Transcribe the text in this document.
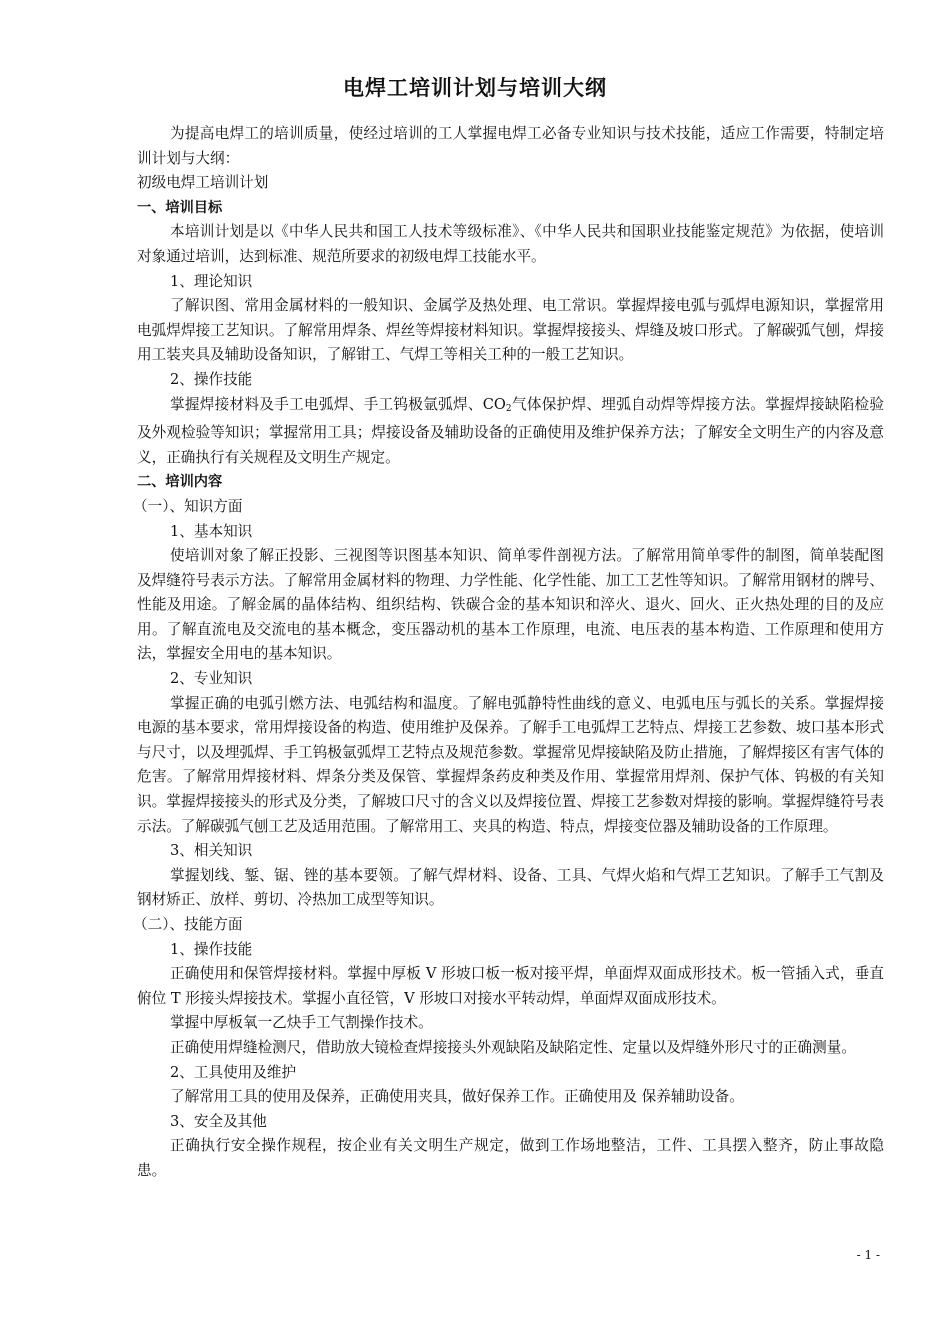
电焊工培训计划与培训大纲

为提高电焊工的培训质量，使经过培训的工人掌握电焊工必备专业知识与技术技能，适应工作需要，特制定培训计划与大纲：

初级电焊工培训计划

一、培训目标

本培训计划是以《中华人民共和国工人技术等级标准》、《中华人民共和国职业技能鉴定规范》为依据，使培训对象通过培训，达到标准、规范所要求的初级电焊工技能水平。

1、理论知识

了解识图、常用金属材料的一般知识、金属学及热处理、电工常识。掌握焊接电弧与弧焊电源知识，掌握常用电弧焊焊接工艺知识。了解常用焊条、焊丝等焊接材料知识。掌握焊接接头、焊缝及坡口形式。了解碳弧气刨，焊接用工装夹具及辅助设备知识，了解钳工、气焊工等相关工种的一般工艺知识。

2、操作技能

掌握焊接材料及手工电弧焊、手工钨极氩弧焊、$CO_2$气体保护焊、埋弧自动焊等焊接方法。掌握焊接缺陷检验及外观检验等知识；掌握常用工具；焊接设备及辅助设备的正确使用及维护保养方法；了解安全文明生产的内容及意义，正确执行有关规程及文明生产规定。

二、培训内容

（一）、知识方面

1、基本知识

使培训对象了解正投影、三视图等识图基本知识、简单零件剖视方法。了解常用简单零件的制图，简单装配图及焊缝符号表示方法。了解常用金属材料的物理、力学性能、化学性能、加工工艺性等知识。了解常用钢材的牌号、性能及用途。了解金属的晶体结构、组织结构、铁碳合金的基本知识和淬火、退火、回火、正火热处理的目的及应用。了解直流电及交流电的基本概念，变压器动机的基本工作原理，电流、电压表的基本构造、工作原理和使用方法，掌握安全用电的基本知识。

2、专业知识

掌握正确的电弧引燃方法、电弧结构和温度。了解电弧静特性曲线的意义、电弧电压与弧长的关系。掌握焊接电源的基本要求，常用焊接设备的构造、使用维护及保养。了解手工电弧焊工艺特点、焊接工艺参数、坡口基本形式与尺寸，以及埋弧焊、手工钨极氩弧焊工艺特点及规范参数。掌握常见焊接缺陷及防止措施，了解焊接区有害气体的危害。了解常用焊接材料、焊条分类及保管、掌握焊条药皮种类及作用、掌握常用焊剂、保护气体、钨极的有关知识。掌握焊接接头的形式及分类，了解坡口尺寸的含义以及焊接位置、焊接工艺参数对焊接的影响。掌握焊缝符号表示法。了解碳弧气刨工艺及适用范围。了解常用工、夹具的构造、特点，焊接变位器及辅助设备的工作原理。

3、相关知识

掌握划线、錾、锯、锉的基本要领。了解气焊材料、设备、工具、气焊火焰和气焊工艺知识。了解手工气割及钢材矫正、放样、剪切、冷热加工成型等知识。

（二）、技能方面

1、操作技能

正确使用和保管焊接材料。掌握中厚板 V 形坡口板一板对接平焊，单面焊双面成形技术。板一管插入式，垂直俯位 T 形接头焊接技术。掌握小直径管，V 形坡口对接水平转动焊，单面焊双面成形技术。

掌握中厚板氧一乙炔手工气割操作技术。

正确使用焊缝检测尺，借助放大镜检查焊接接头外观缺陷及缺陷定性、定量以及焊缝外形尺寸的正确测量。

2、工具使用及维护

了解常用工具的使用及保养，正确使用夹具，做好保养工作。正确使用及 保养辅助设备。

3、安全及其他

正确执行安全操作规程，按企业有关文明生产规定，做到工作场地整洁，工件、工具摆入整齐，防止事故隐患。

- 1 -
